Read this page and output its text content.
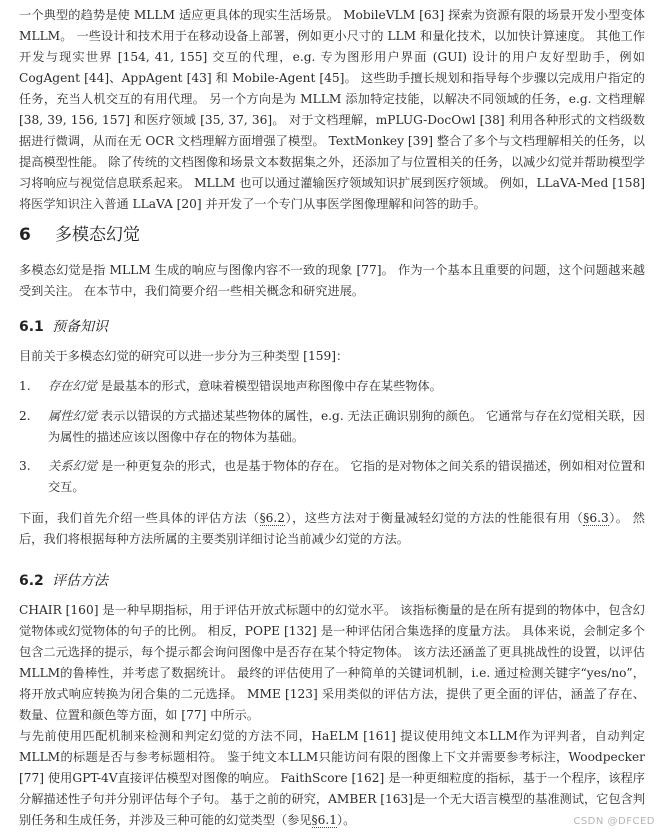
一个典型的趋势是使 MLLM 适应更具体的现实生活场景。 MobileVLM [63] 探索为资源有限的场景开发小型变体 MLLM。 一些设计和技术用于在移动设备上部署，例如更小尺寸的 LLM 和量化技术，以加快计算速度。 其他工作开发与现实世界 [154, 41, 155] 交互的代理，e.g. 专为图形用户界面 (GUI) 设计的用户友好型助手，例如 CogAgent [44]、AppAgent [43] 和 Mobile-Agent [45]。 这些助手擅长规划和指导每个步骤以完成用户指定的任务，充当人机交互的有用代理。 另一个方向是为 MLLM 添加特定技能，以解决不同领域的任务，e.g. 文档理解 [38, 39, 156, 157] 和医疗领域 [35, 37, 36]。 对于文档理解，mPLUG-DocOwl [38] 利用各种形式的文档级数据进行微调，从而在无 OCR 文档理解方面增强了模型。 TextMonkey [39] 整合了多个与文档理解相关的任务，以提高模型性能。 除了传统的文档图像和场景文本数据集之外，还添加了与位置相关的任务，以减少幻觉并帮助模型学习将响应与视觉信息联系起来。 MLLM 也可以通过灌输医疗领域知识扩展到医疗领域。 例如，LLaVA-Med [158] 将医学知识注入普通 LLaVA [20] 并开发了一个专门从事医学图像理解和问答的助手。

6 多模态幻觉

多模态幻觉是指 MLLM 生成的响应与图像内容不一致的现象 [77]。 作为一个基本且重要的问题，这个问题越来越受到关注。 在本节中，我们简要介绍一些相关概念和研究进展。

6.1 预备知识

目前关于多模态幻觉的研究可以进一步分为三种类型 [159]：

1. 存在幻觉 是最基本的形式，意味着模型错误地声称图像中存在某些物体。
2. 属性幻觉 表示以错误的方式描述某些物体的属性，e.g. 无法正确识别狗的颜色。 它通常与存在幻觉相关联，因为属性的描述应该以图像中存在的物体为基础。
3. 关系幻觉 是一种更复杂的形式，也是基于物体的存在。 它指的是对物体之间关系的错误描述，例如相对位置和交互。

下面，我们首先介绍一些具体的评估方法（§6.2），这些方法对于衡量减轻幻觉的方法的性能很有用（§6.3）。 然后，我们将根据每种方法所属的主要类别详细讨论当前减少幻觉的方法。

6.2 评估方法

CHAIR [160] 是一种早期指标，用于评估开放式标题中的幻觉水平。 该指标衡量的是在所有提到的物体中，包含幻觉物体或幻觉物体的句子的比例。 相反，POPE [132] 是一种评估闭合集选择的度量方法。 具体来说，会制定多个包含二元选择的提示，每个提示都会询问图像中是否存在某个特定物体。 该方法还涵盖了更具挑战性的设置，以评估MLLM的鲁棒性，并考虑了数据统计。 最终的评估使用了一种简单的关键词机制，i.e. 通过检测关键字“yes/no”，将开放式响应转换为闭合集的二元选择。 MME [123] 采用类似的评估方法，提供了更全面的评估，涵盖了存在、数量、位置和颜色等方面，如 [77] 中所示。

与先前使用匹配机制来检测和判定幻觉的方法不同，HaELM [161] 提议使用纯文本LLM作为评判者，自动判定MLLM的标题是否与参考标题相符。 鉴于纯文本LLM只能访问有限的图像上下文并需要参考标注，Woodpecker [77] 使用GPT-4V直接评估模型对图像的响应。 FaithScore [162] 是一种更细粒度的指标，基于一个程序，该程序分解描述性子句并分别评估每个子句。 基于之前的研究，AMBER [163]是一个无大语言模型的基准测试，它包含判别任务和生成任务，并涉及三种可能的幻觉类型（参见§6.1）。	CSDN @DFCED
